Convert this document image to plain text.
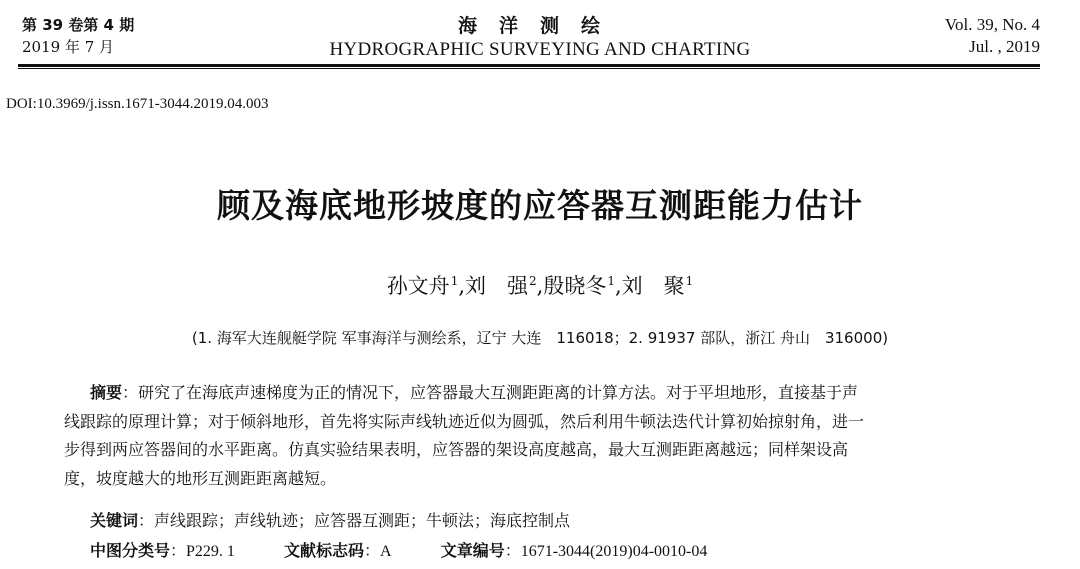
第 39 卷第 4 期
2019 年 7 月
海洋测绘
HYDROGRAPHIC SURVEYING AND CHARTING
Vol. 39, No. 4
Jul. , 2019
DOI:10.3969/j.issn.1671-3044.2019.04.003
顾及海底地形坡度的应答器互测距能力估计
孙文舟$^1$,刘　强$^2$,殷晓冬$^1$,刘　聚$^1$
(1. 海军大连舰艇学院 军事海洋与测绘系，辽宁 大连　116018；2. 91937 部队，浙江 舟山　316000)
摘要：研究了在海底声速梯度为正的情况下，应答器最大互测距距离的计算方法。对于平坦地形，直接基于声
线跟踪的原理计算；对于倾斜地形，首先将实际声线轨迹近似为圆弧，然后利用牛顿法迭代计算初始掠射角，进一
步得到两应答器间的水平距离。仿真实验结果表明，应答器的架设高度越高，最大互测距距离越远；同样架设高
度，坡度越大的地形互测距距离越短。
关键词：声线跟踪；声线轨迹；应答器互测距；牛顿法；海底控制点
中图分类号：P229. 1	文献标志码：A	文章编号：1671-3044(2019)04-0010-04
